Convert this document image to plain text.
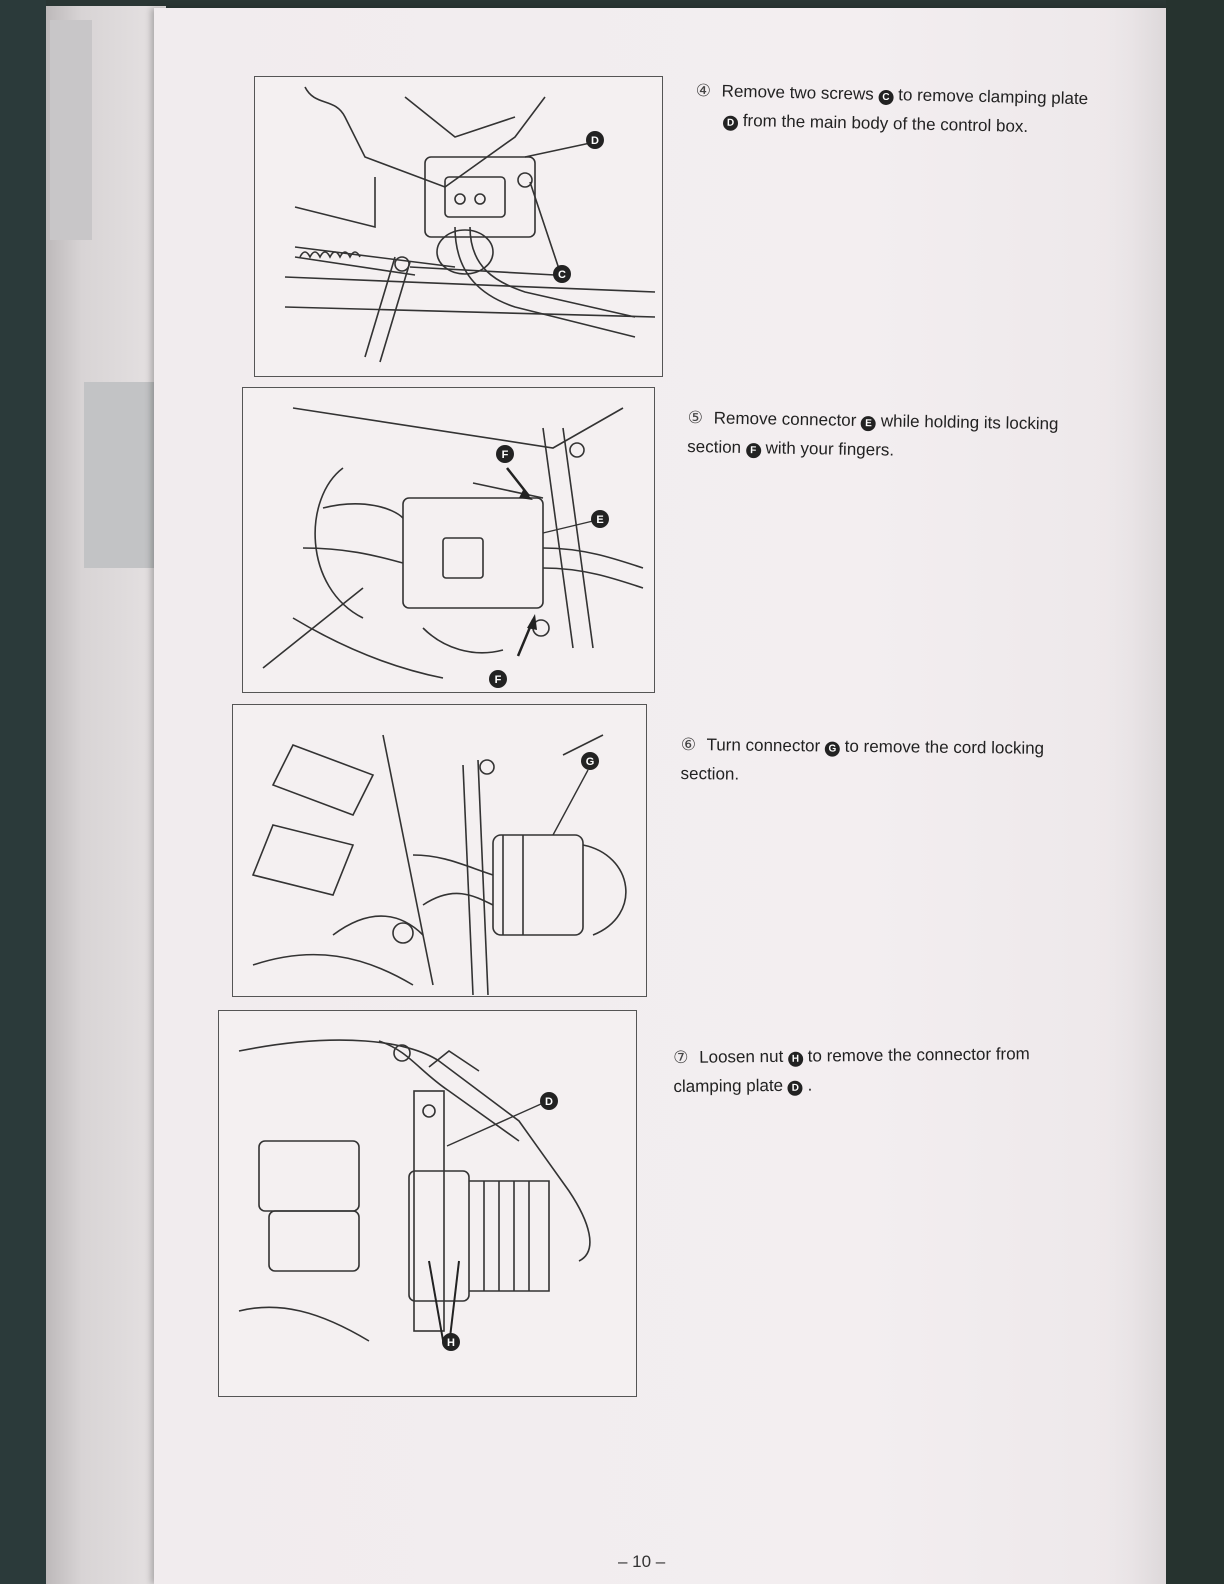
D
C
F
E
F
G
D
H
④ Remove two screws C to remove clamping plate
D from the main body of the control box.
⑤ Remove connector E while holding its locking section F with your fingers.
⑥ Turn connector G to remove the cord locking section.
⑦ Loosen nut H to remove the connector from clamping plate D .
– 10 –
